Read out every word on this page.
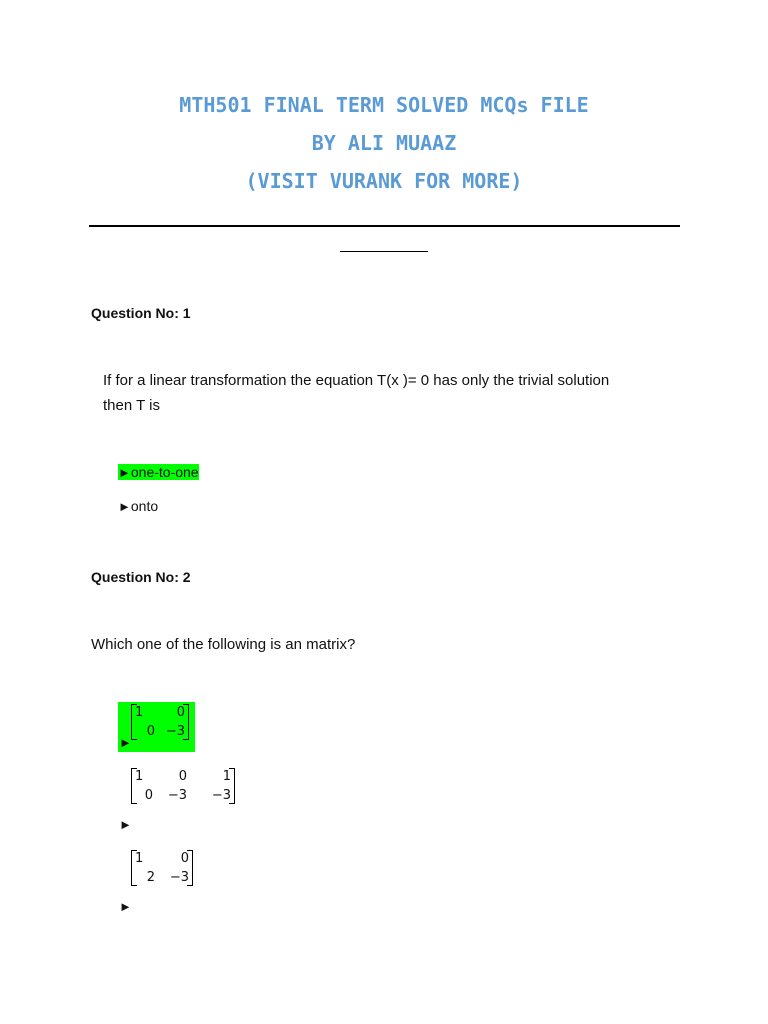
MTH501 FINAL TERM SOLVED MCQs FILE
BY ALI MUAAZ
(VISIT VURANK FOR MORE)
Question No: 1
If for a linear transformation the equation T(x )= 0 has only the trivial solution
then T is
►one-to-one
►onto
Question No: 2
Which one of the following is an matrix?
1	0
0 −3
►
1	0	1
0	−3	−3
►
1	0
2	−3
►
